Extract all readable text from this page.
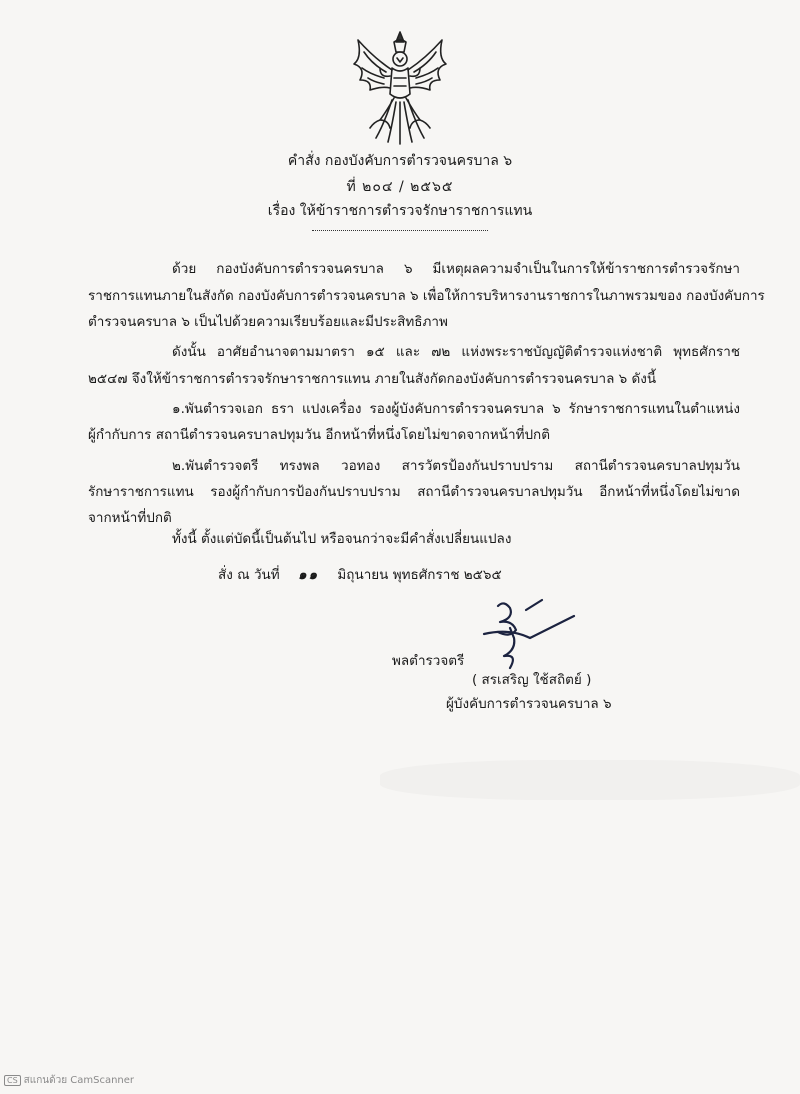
คำสั่ง กองบังคับการตำรวจนครบาล ๖
ที่ ๒๐๔ / ๒๕๖๕
เรื่อง ให้ข้าราชการตำรวจรักษาราชการแทน
ด้วย กองบังคับการตำรวจนครบาล ๖ มีเหตุผลความจำเป็นในการให้ข้าราชการตำรวจรักษา
ราชการแทนภายในสังกัด กองบังคับการตำรวจนครบาล ๖ เพื่อให้การบริหารงานราชการในภาพรวมของ กองบังคับการ
ตำรวจนครบาล ๖ เป็นไปด้วยความเรียบร้อยและมีประสิทธิภาพ
ดังนั้น อาศัยอำนาจตามมาตรา ๑๕ และ ๗๒ แห่งพระราชบัญญัติตำรวจแห่งชาติ พุทธศักราช
๒๕๔๗ จึงให้ข้าราชการตำรวจรักษาราชการแทน ภายในสังกัดกองบังคับการตำรวจนครบาล ๖ ดังนี้
๑.พันตำรวจเอก ธรา แปงเครื่อง รองผู้บังคับการตำรวจนครบาล ๖ รักษาราชการแทนในตำแหน่ง
ผู้กำกับการ สถานีตำรวจนครบาลปทุมวัน อีกหน้าที่หนึ่งโดยไม่ขาดจากหน้าที่ปกติ
๒.พันตำรวจตรี ทรงพล วอทอง สารวัตรป้องกันปราบปราม สถานีตำรวจนครบาลปทุมวัน
รักษาราชการแทน รองผู้กำกับการป้องกันปราบปราม สถานีตำรวจนครบาลปทุมวัน อีกหน้าที่หนึ่งโดยไม่ขาด
จากหน้าที่ปกติ
ทั้งนี้ ตั้งแต่บัดนี้เป็นต้นไป หรือจนกว่าจะมีคำสั่งเปลี่ยนแปลง
สั่ง ณ วันที่ ๑๑ มิถุนายน พุทธศักราช ๒๕๖๕
พลตำรวจตรี
( สรเสริญ ใช้สถิตย์ )
ผู้บังคับการตำรวจนครบาล ๖
CS สแกนด้วย CamScanner
